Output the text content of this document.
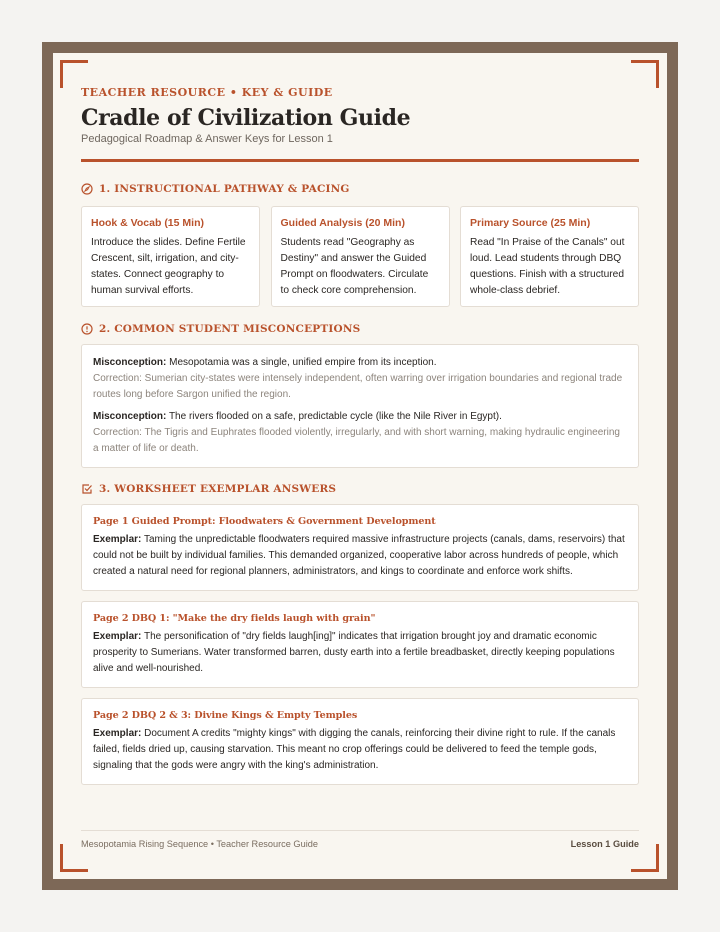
TEACHER RESOURCE • KEY & GUIDE
Cradle of Civilization Guide
Pedagogical Roadmap & Answer Keys for Lesson 1
1. INSTRUCTIONAL PATHWAY & PACING
Hook & Vocab (15 Min)
Introduce the slides. Define Fertile Crescent, silt, irrigation, and city-states. Connect geography to human survival efforts.
Guided Analysis (20 Min)
Students read "Geography as Destiny" and answer the Guided Prompt on floodwaters. Circulate to check core comprehension.
Primary Source (25 Min)
Read "In Praise of the Canals" out loud. Lead students through DBQ questions. Finish with a structured whole-class debrief.
2. COMMON STUDENT MISCONCEPTIONS
Misconception: Mesopotamia was a single, unified empire from its inception.
Correction: Sumerian city-states were intensely independent, often warring over irrigation boundaries and regional trade routes long before Sargon unified the region.
Misconception: The rivers flooded on a safe, predictable cycle (like the Nile River in Egypt).
Correction: The Tigris and Euphrates flooded violently, irregularly, and with short warning, making hydraulic engineering a matter of life or death.
3. WORKSHEET EXEMPLAR ANSWERS
Page 1 Guided Prompt: Floodwaters & Government Development
Exemplar: Taming the unpredictable floodwaters required massive infrastructure projects (canals, dams, reservoirs) that could not be built by individual families. This demanded organized, cooperative labor across hundreds of people, which created a natural need for regional planners, administrators, and kings to coordinate and enforce work shifts.
Page 2 DBQ 1: "Make the dry fields laugh with grain"
Exemplar: The personification of "dry fields laugh[ing]" indicates that irrigation brought joy and dramatic economic prosperity to Sumerians. Water transformed barren, dusty earth into a fertile breadbasket, directly keeping populations alive and well-nourished.
Page 2 DBQ 2 & 3: Divine Kings & Empty Temples
Exemplar: Document A credits "mighty kings" with digging the canals, reinforcing their divine right to rule. If the canals failed, fields dried up, causing starvation. This meant no crop offerings could be delivered to feed the temple gods, signaling that the gods were angry with the king's administration.
Mesopotamia Rising Sequence • Teacher Resource Guide	Lesson 1 Guide
